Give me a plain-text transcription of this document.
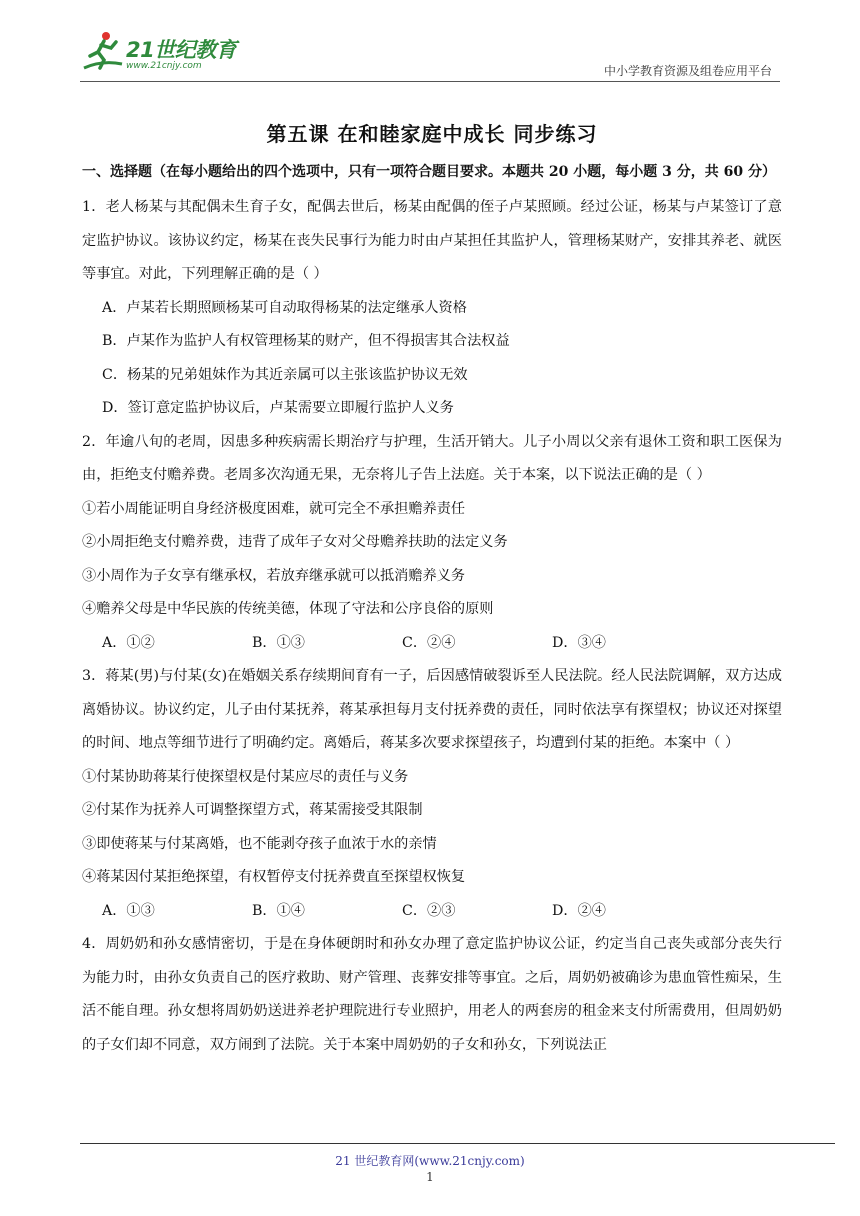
21世纪教育
www.21cnjy.com	中小学教育资源及组卷应用平台
第五课 在和睦家庭中成长 同步练习
一、选择题（在每小题给出的四个选项中，只有一项符合题目要求。本题共 20 小题，每小题 3 分，共 60 分）

1．老人杨某与其配偶未生育子女，配偶去世后，杨某由配偶的侄子卢某照顾。经过公证，杨某与卢某签订了意定监护协议。该协议约定，杨某在丧失民事行为能力时由卢某担任其监护人，管理杨某财产，安排其养老、就医等事宜。对此，下列理解正确的是（ ）

A．卢某若长期照顾杨某可自动取得杨某的法定继承人资格

B．卢某作为监护人有权管理杨某的财产，但不得损害其合法权益

C．杨某的兄弟姐妹作为其近亲属可以主张该监护协议无效

D．签订意定监护协议后，卢某需要立即履行监护人义务

2．年逾八旬的老周，因患多种疾病需长期治疗与护理，生活开销大。儿子小周以父亲有退休工资和职工医保为由，拒绝支付赡养费。老周多次沟通无果，无奈将儿子告上法庭。关于本案，以下说法正确的是（ ）

①若小周能证明自身经济极度困难，就可完全不承担赡养责任

②小周拒绝支付赡养费，违背了成年子女对父母赡养扶助的法定义务

③小周作为子女享有继承权，若放弃继承就可以抵消赡养义务

④赡养父母是中华民族的传统美德，体现了守法和公序良俗的原则

A．①②	B．①③	C．②④	D．③④

3．蒋某(男)与付某(女)在婚姻关系存续期间育有一子，后因感情破裂诉至人民法院。经人民法院调解，双方达成离婚协议。协议约定，儿子由付某抚养，蒋某承担每月支付抚养费的责任，同时依法享有探望权；协议还对探望的时间、地点等细节进行了明确约定。离婚后，蒋某多次要求探望孩子，均遭到付某的拒绝。本案中（ ）

①付某协助蒋某行使探望权是付某应尽的责任与义务

②付某作为抚养人可调整探望方式，蒋某需接受其限制

③即使蒋某与付某离婚，也不能剥夺孩子血浓于水的亲情

④蒋某因付某拒绝探望，有权暂停支付抚养费直至探望权恢复

A．①③	B．①④	C．②③	D．②④

4．周奶奶和孙女感情密切，于是在身体硬朗时和孙女办理了意定监护协议公证，约定当自己丧失或部分丧失行为能力时，由孙女负责自己的医疗救助、财产管理、丧葬安排等事宜。之后，周奶奶被确诊为患血管性痴呆，生活不能自理。孙女想将周奶奶送进养老护理院进行专业照护，用老人的两套房的租金来支付所需费用，但周奶奶的子女们却不同意，双方闹到了法院。关于本案中周奶奶的子女和孙女，下列说法正

21 世纪教育网(www.21cnjy.com)
1
